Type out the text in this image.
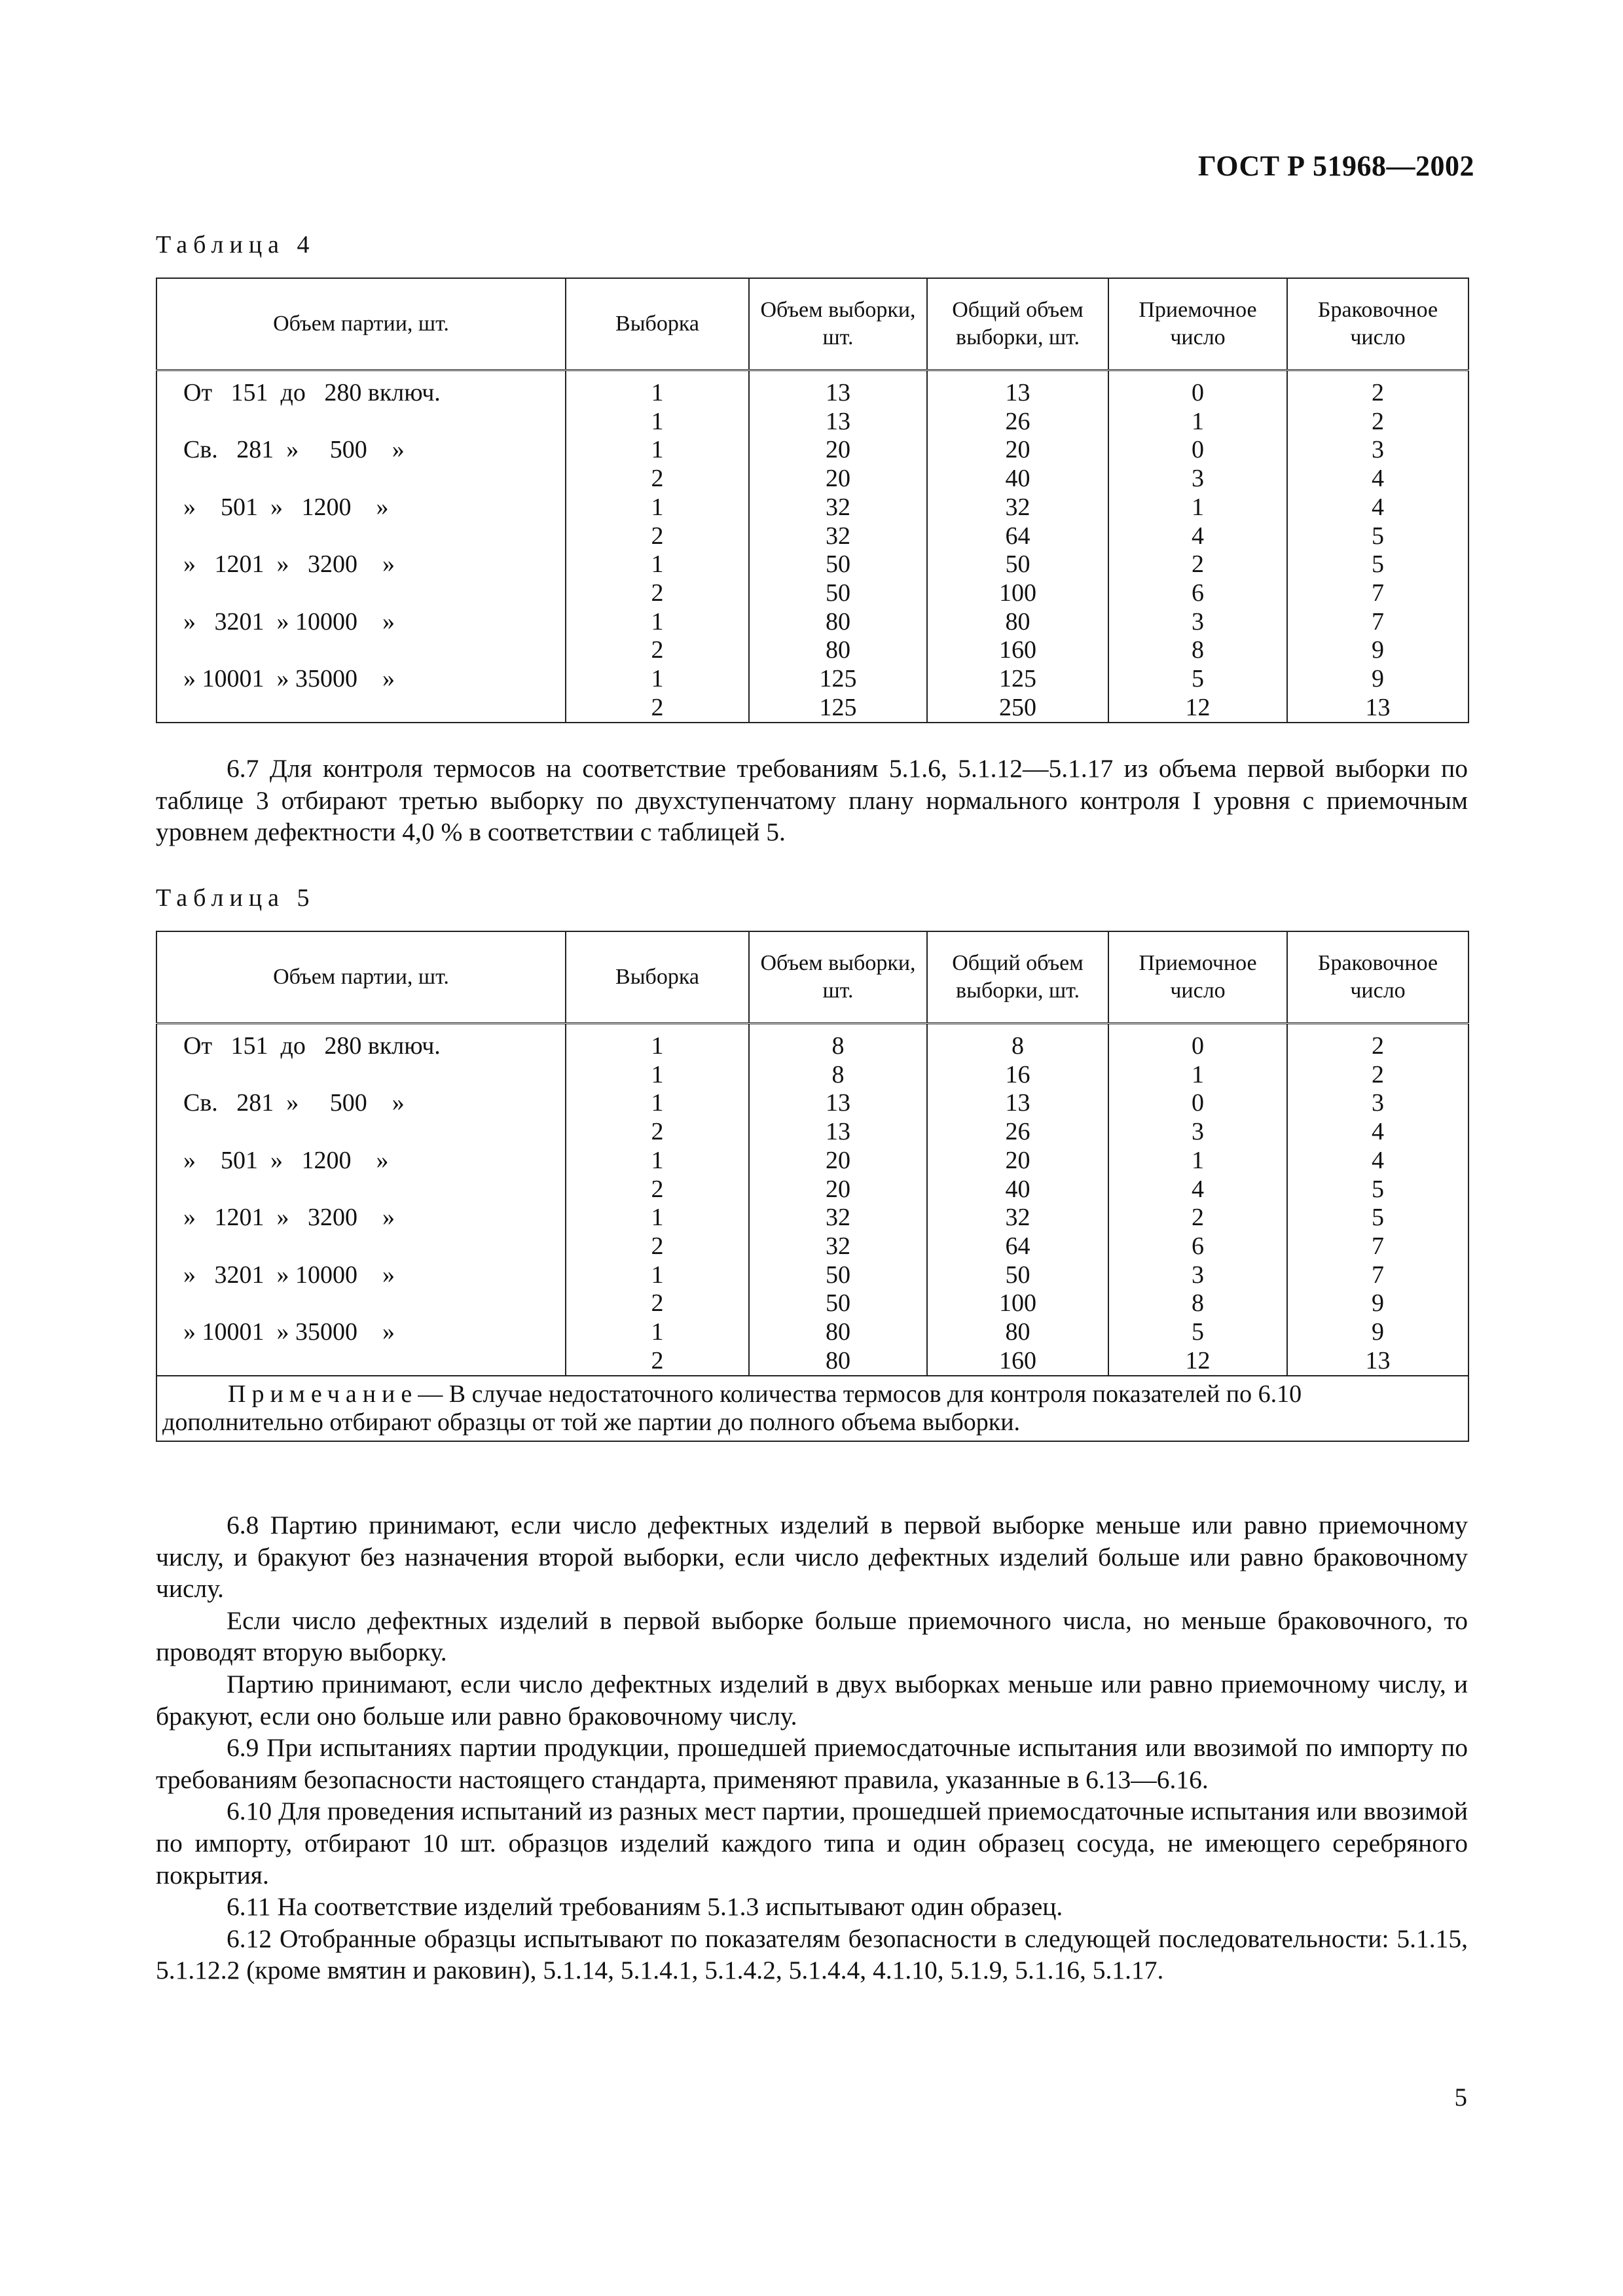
ГОСТ Р 51968—2002
Таблица 4
Объем партии, шт.	Выборка	Объем выборки, шт.	Общий объем выборки, шт.	Приемочное число	Браковочное число
От   151  до   280 включ.	1	13	13	0	2
	1	13	26	1	2
Св.   281  »     500    »	1	20	20	0	3
	2	20	40	3	4
»    501  »   1200    »	1	32	32	1	4
	2	32	64	4	5
»   1201  »   3200    »	1	50	50	2	5
	2	50	100	6	7
»   3201  » 10000    »	1	80	80	3	7
	2	80	160	8	9
» 10001  » 35000    »	1	125	125	5	9
	2	125	250	12	13

6.7 Для контроля термосов на соответствие требованиям 5.1.6, 5.1.12—5.1.17 из объема первой выборки по таблице 3 отбирают третью выборку по двухступенчатому плану нормального контроля I уровня с приемочным уровнем дефектности 4,0 % в соответствии с таблицей 5.

Таблица 5
Объем партии, шт.	Выборка	Объем выборки, шт.	Общий объем выборки, шт.	Приемочное число	Браковочное число
От   151  до   280 включ.	1	8	8	0	2
	1	8	16	1	2
Св.   281  »     500    »	1	13	13	0	3
	2	13	26	3	4
»    501  »   1200    »	1	20	20	1	4
	2	20	40	4	5
»   1201  »   3200    »	1	32	32	2	5
	2	32	64	6	7
»   3201  » 10000    »	1	50	50	3	7
	2	50	100	8	9
» 10001  » 35000    »	1	80	80	5	9
	2	80	160	12	13
Примечание— В случае недостаточного количества термосов для контроля показателей по 6.10 дополнительно отбирают образцы от той же партии до полного объема выборки.					

6.8 Партию принимают, если число дефектных изделий в первой выборке меньше или равно приемочному числу, и бракуют без назначения второй выборки, если число дефектных изделий больше или равно браковочному числу.

Если число дефектных изделий в первой выборке больше приемочного числа, но меньше браковочного, то проводят вторую выборку.

Партию принимают, если число дефектных изделий в двух выборках меньше или равно приемочному числу, и бракуют, если оно больше или равно браковочному числу.

6.9 При испытаниях партии продукции, прошедшей приемосдаточные испытания или ввозимой по импорту по требованиям безопасности настоящего стандарта, применяют правила, указанные в 6.13—6.16.

6.10 Для проведения испытаний из разных мест партии, прошедшей приемосдаточные испытания или ввозимой по импорту, отбирают 10 шт. образцов изделий каждого типа и один образец сосуда, не имеющего серебряного покрытия.

6.11 На соответствие изделий требованиям 5.1.3 испытывают один образец.

6.12 Отобранные образцы испытывают по показателям безопасности в следующей последовательности: 5.1.15, 5.1.12.2 (кроме вмятин и раковин), 5.1.14, 5.1.4.1, 5.1.4.2, 5.1.4.4, 4.1.10, 5.1.9, 5.1.16, 5.1.17.

5
